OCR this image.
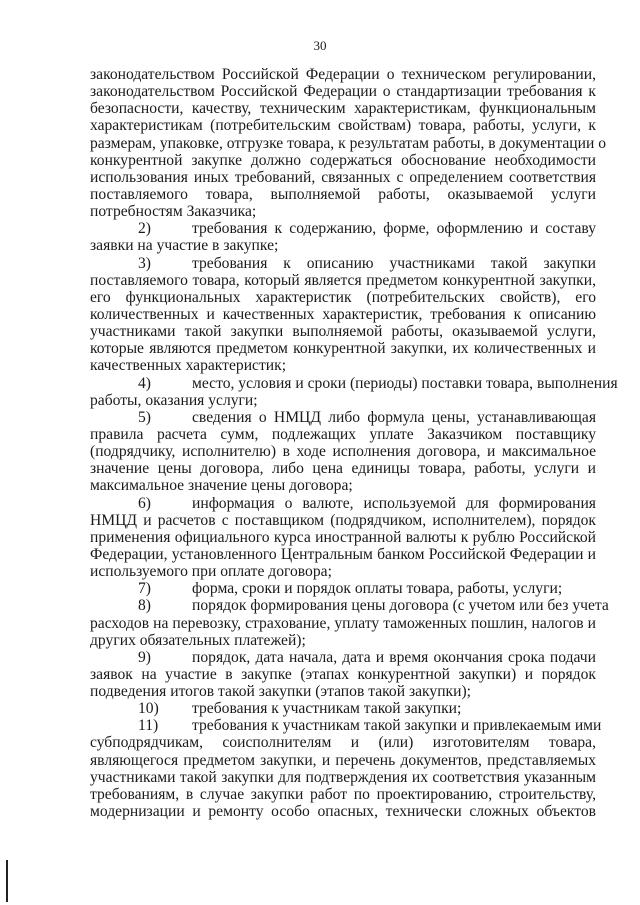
30
законодательством Российской Федерации о техническом регулировании,
законодательством Российской Федерации о стандартизации требования к
безопасности, качеству, техническим характеристикам, функциональным
характеристикам (потребительским свойствам) товара, работы, услуги, к
размерам, упаковке, отгрузке товара, к результатам работы, в документации о
конкурентной закупке должно содержаться обоснование необходимости
использования иных требований, связанных с определением соответствия
поставляемого товара, выполняемой работы, оказываемой услуги
потребностям Заказчика;
2)	требования к содержанию, форме, оформлению и составу
заявки на участие в закупке;
3)	требования к описанию участниками такой закупки
поставляемого товара, который является предметом конкурентной закупки,
его функциональных характеристик (потребительских свойств), его
количественных и качественных характеристик, требования к описанию
участниками такой закупки выполняемой работы, оказываемой услуги,
которые являются предметом конкурентной закупки, их количественных и
качественных характеристик;
4)	место, условия и сроки (периоды) поставки товара, выполнения
работы, оказания услуги;
5)	сведения о НМЦД либо формула цены, устанавливающая
правила расчета сумм, подлежащих уплате Заказчиком поставщику
(подрядчику, исполнителю) в ходе исполнения договора, и максимальное
значение цены договора, либо цена единицы товара, работы, услуги и
максимальное значение цены договора;
6)	информация о валюте, используемой для формирования
НМЦД и расчетов с поставщиком (подрядчиком, исполнителем), порядок
применения официального курса иностранной валюты к рублю Российской
Федерации, установленного Центральным банком Российской Федерации и
используемого при оплате договора;
7)	форма, сроки и порядок оплаты товара, работы, услуги;
8)	порядок формирования цены договора (с учетом или без учета
расходов на перевозку, страхование, уплату таможенных пошлин, налогов и
других обязательных платежей);
9)	порядок, дата начала, дата и время окончания срока подачи
заявок на участие в закупке (этапах конкурентной закупки) и порядок
подведения итогов такой закупки (этапов такой закупки);
10) требования к участникам такой закупки;
11) требования к участникам такой закупки и привлекаемым ими
субподрядчикам, соисполнителям и (или) изготовителям товара,
являющегося предметом закупки, и перечень документов, представляемых
участниками такой закупки для подтверждения их соответствия указанным
требованиям, в случае закупки работ по проектированию, строительству,
модернизации и ремонту особо опасных, технически сложных объектов
